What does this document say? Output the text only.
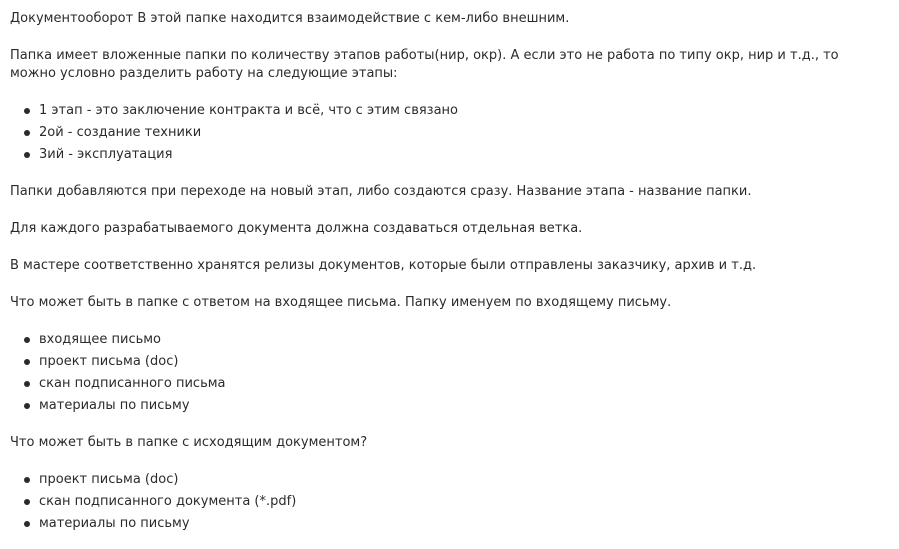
Документооборот В этой папке находится взаимодействие с кем-либо внешним.

Папка имеет вложенные папки по количеству этапов работы(нир, окр). А если это не работа по типу окр, нир и т.д., то можно условно разделить работу на следующие этапы:

1 этап - это заключение контракта и всё, что с этим связано
2ой - создание техники
3ий - эксплуатация

Папки добавляются при переходе на новый этап, либо создаются сразу. Название этапа - название папки.

Для каждого разрабатываемого документа должна создаваться отдельная ветка.

В мастере соответственно хранятся релизы документов, которые были отправлены заказчику, архив и т.д.

Что может быть в папке с ответом на входящее письма. Папку именуем по входящему письму.

входящее письмо
проект письма (doc)
скан подписанного письма
материалы по письму

Что может быть в папке с исходящим документом?

проект письма (doc)
скан подписанного документа (*.pdf)
материалы по письму
